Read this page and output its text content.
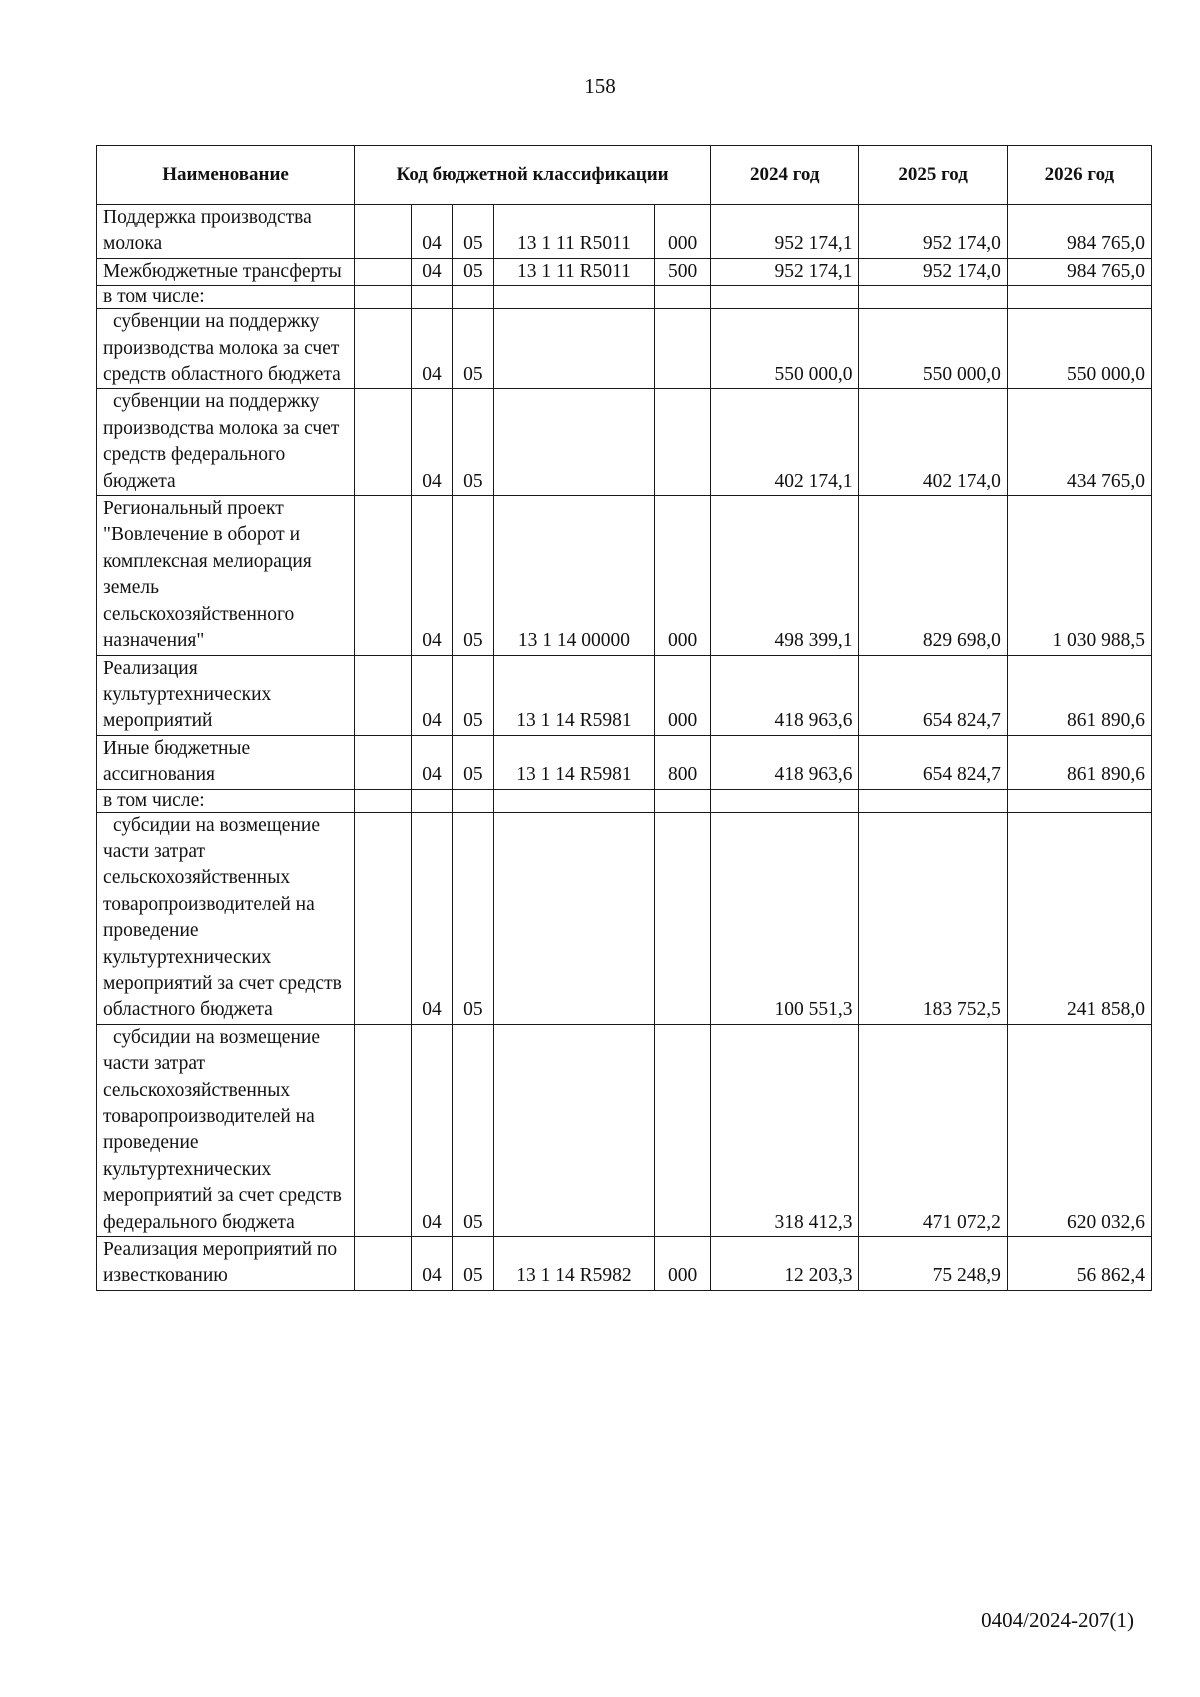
158
Наименование	Код бюджетной классификации					2024 год	2025 год	2026 год
Поддержка производства молока		04	05	13 1 11 R5011	000	952 174,1	952 174,0	984 765,0
Межбюджетные трансферты		04	05	13 1 11 R5011	500	952 174,1	952 174,0	984 765,0
в том числе:								
субвенции на поддержку производства молока за счет средств областного бюджета		04	05			550 000,0	550 000,0	550 000,0
субвенции на поддержку производства молока за счет средств федерального бюджета		04	05			402 174,1	402 174,0	434 765,0
Региональный проект "Вовлечение в оборот и комплексная мелиорация земель сельскохозяйственного назначения"		04	05	13 1 14 00000	000	498 399,1	829 698,0	1 030 988,5
Реализация культуртехнических мероприятий		04	05	13 1 14 R5981	000	418 963,6	654 824,7	861 890,6
Иные бюджетные ассигнования		04	05	13 1 14 R5981	800	418 963,6	654 824,7	861 890,6
в том числе:								
субсидии на возмещение части затрат сельскохозяйственных товаропроизводителей на проведение культуртехнических мероприятий за счет средств областного бюджета		04	05			100 551,3	183 752,5	241 858,0
субсидии на возмещение части затрат сельскохозяйственных товаропроизводителей на проведение культуртехнических мероприятий за счет средств федерального бюджета		04	05			318 412,3	471 072,2	620 032,6
Реализация мероприятий по известкованию		04	05	13 1 14 R5982	000	12 203,3	75 248,9	56 862,4
0404/2024-207(1)
